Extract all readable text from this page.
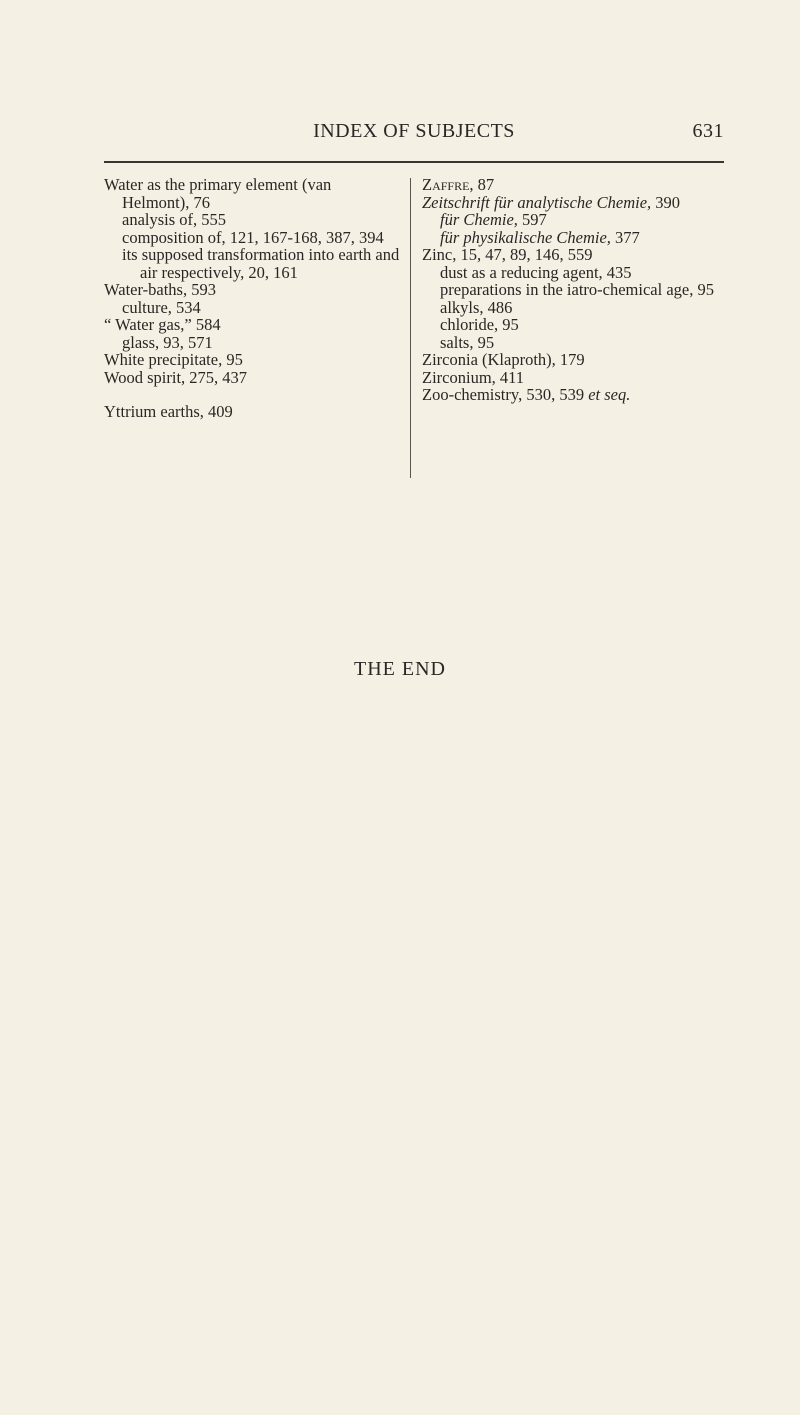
INDEX OF SUBJECTS	631
Water as the primary element (van Helmont), 76
analysis of, 555
composition of, 121, 167-168, 387, 394
its supposed transformation into earth and air respectively, 20, 161
Water-baths, 593
culture, 534
“ Water gas,” 584
glass, 93, 571
White precipitate, 95
Wood spirit, 275, 437
Yttrium earths, 409
Zaffre, 87
Zeitschrift für analytische Chemie, 390
für Chemie, 597
für physikalische Chemie, 377
Zinc, 15, 47, 89, 146, 559
dust as a reducing agent, 435
preparations in the iatro-chemical age, 95
alkyls, 486
chloride, 95
salts, 95
Zirconia (Klaproth), 179
Zirconium, 411
Zoo-chemistry, 530, 539 et seq.
THE END
